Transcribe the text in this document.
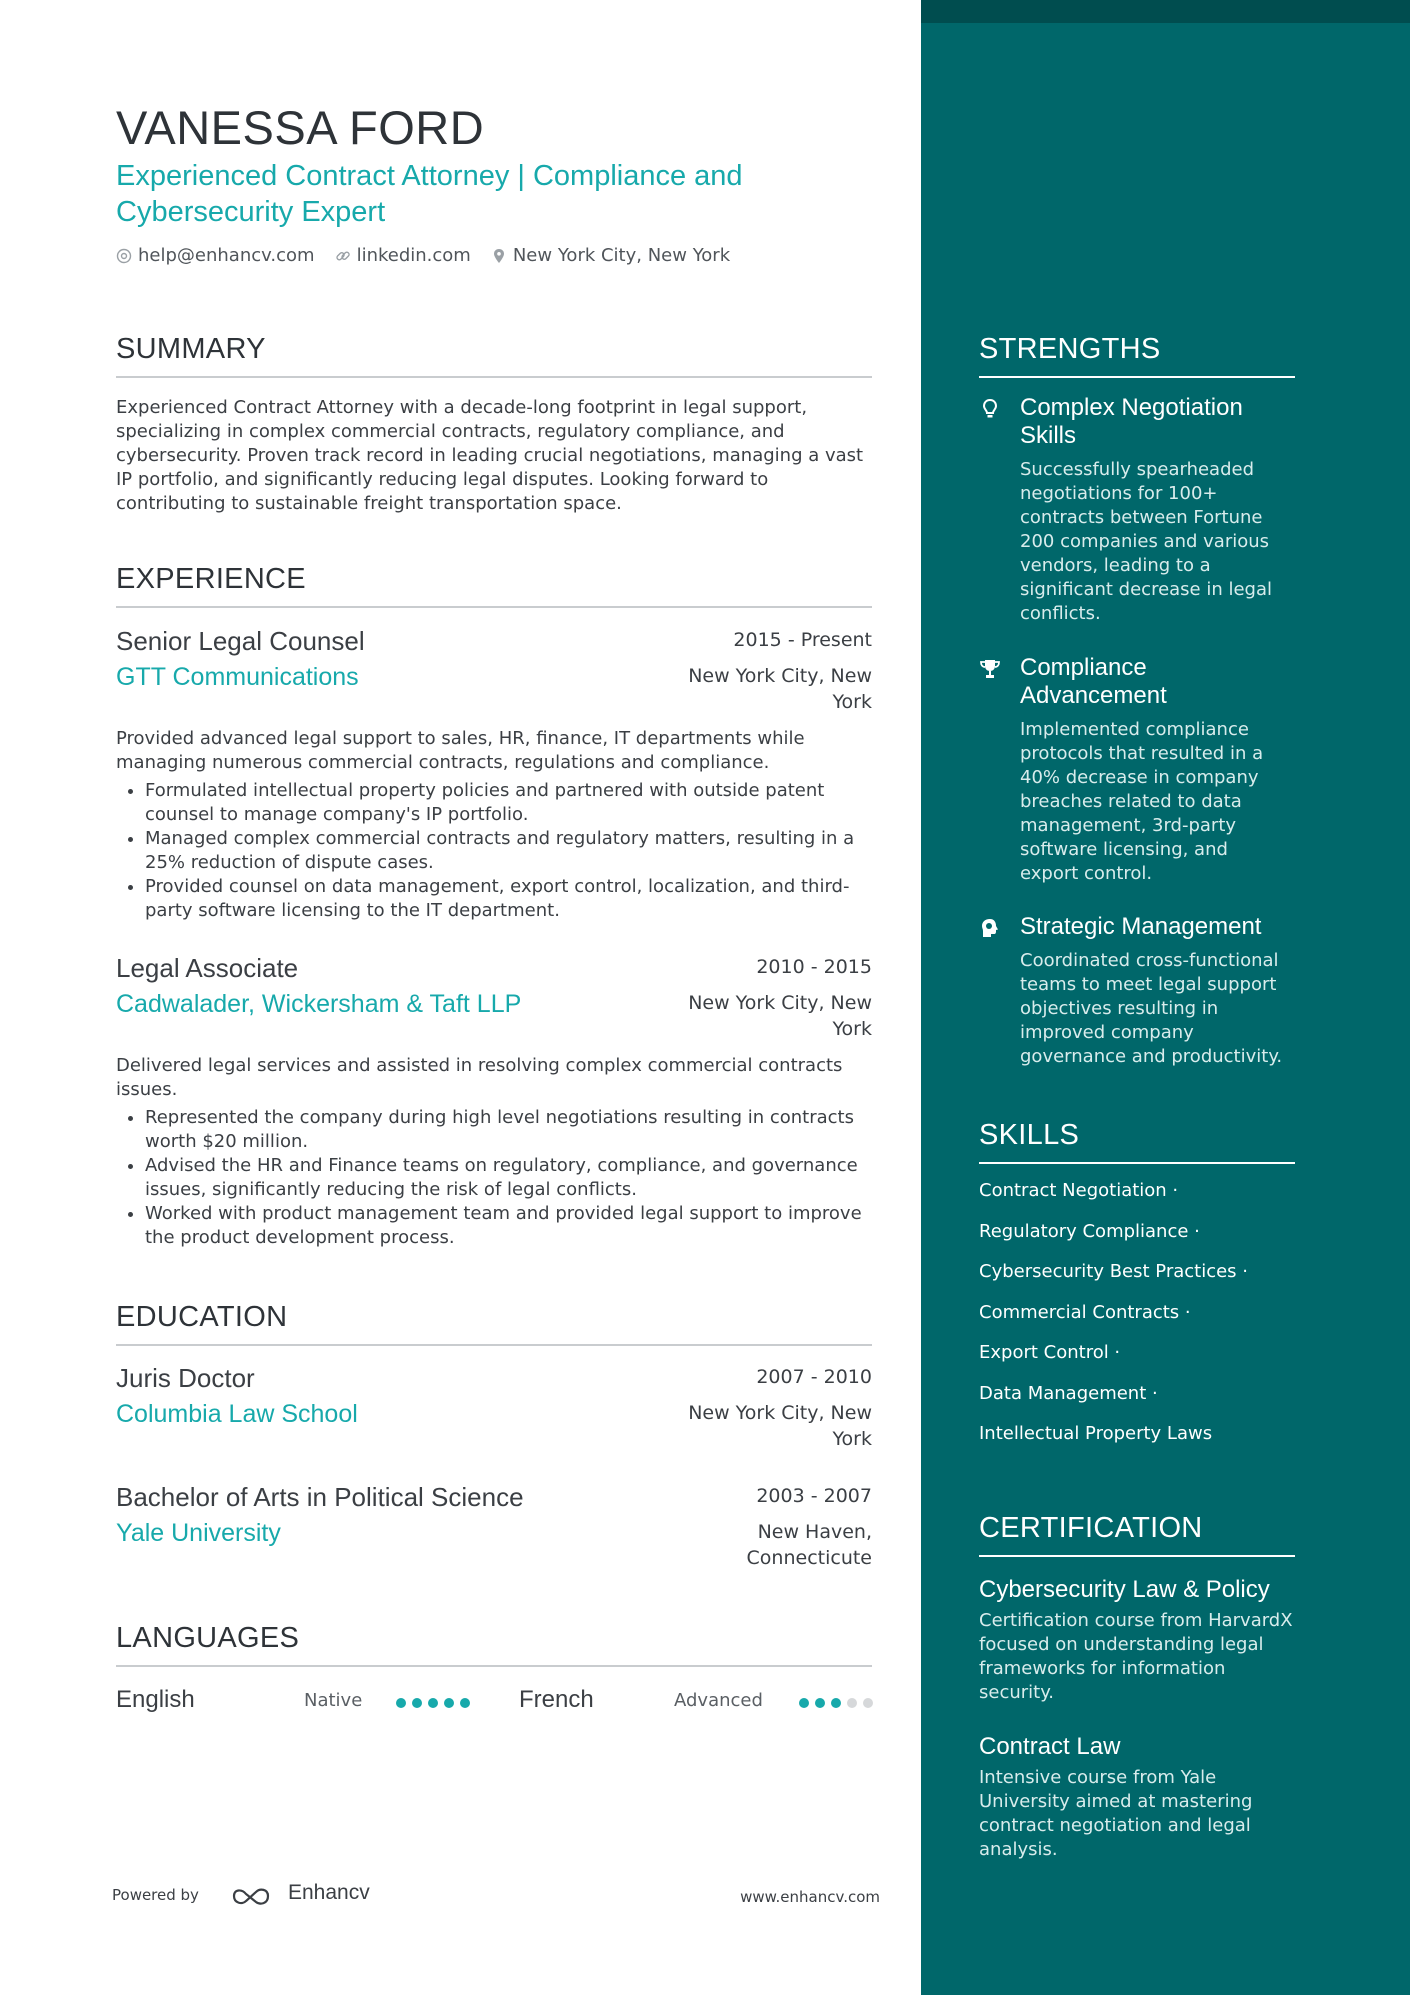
VANESSA FORD
Experienced Contract Attorney | Compliance and Cybersecurity Expert
help@enhancv.com linkedin.com New York City, New York
SUMMARY
Experienced Contract Attorney with a decade-long footprint in legal support, specializing in complex commercial contracts, regulatory compliance, and cybersecurity. Proven track record in leading crucial negotiations, managing a vast IP portfolio, and significantly reducing legal disputes. Looking forward to contributing to sustainable freight transportation space.
EXPERIENCE
Senior Legal Counsel	2015 - Present
GTT Communications	New York City, New York
Provided advanced legal support to sales, HR, finance, IT departments while managing numerous commercial contracts, regulations and compliance.
• Formulated intellectual property policies and partnered with outside patent counsel to manage company's IP portfolio.
• Managed complex commercial contracts and regulatory matters, resulting in a 25% reduction of dispute cases.
• Provided counsel on data management, export control, localization, and third-party software licensing to the IT department.
Legal Associate	2010 - 2015
Cadwalader, Wickersham & Taft LLP	New York City, New York
Delivered legal services and assisted in resolving complex commercial contracts issues.
• Represented the company during high level negotiations resulting in contracts worth $20 million.
• Advised the HR and Finance teams on regulatory, compliance, and governance issues, significantly reducing the risk of legal conflicts.
• Worked with product management team and provided legal support to improve the product development process.
EDUCATION
Juris Doctor	2007 - 2010
Columbia Law School	New York City, New York
Bachelor of Arts in Political Science	2003 - 2007
Yale University	New Haven, Connecticute
LANGUAGES
English	Native	French	Advanced
Powered by	Enhancv	www.enhancv.com
STRENGTHS
Complex Negotiation Skills
Successfully spearheaded negotiations for 100+ contracts between Fortune 200 companies and various vendors, leading to a significant decrease in legal conflicts.
Compliance Advancement
Implemented compliance protocols that resulted in a 40% decrease in company breaches related to data management, 3rd-party software licensing, and export control.
Strategic Management
Coordinated cross-functional teams to meet legal support objectives resulting in improved company governance and productivity.
SKILLS
Contract Negotiation ·
Regulatory Compliance ·
Cybersecurity Best Practices ·
Commercial Contracts ·
Export Control ·
Data Management ·
Intellectual Property Laws
CERTIFICATION
Cybersecurity Law & Policy
Certification course from HarvardX focused on understanding legal frameworks for information security.
Contract Law
Intensive course from Yale University aimed at mastering contract negotiation and legal analysis.
